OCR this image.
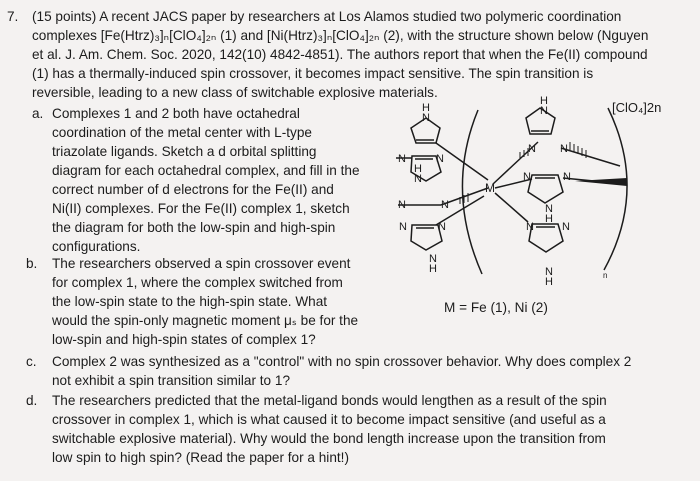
7. (15 points) A recent JACS paper by researchers at Los Alamos studied two polymeric coordination
complexes [Fe(Htrz)₃]ₙ[ClO₄]₂ₙ (1) and [Ni(Htrz)₃]ₙ[ClO₄]₂ₙ (2), with the structure shown below (Nguyen
et al. J. Am. Chem. Soc. 2020, 142(10) 4842-4851). The authors report that when the Fe(II) compound
(1) has a thermally-induced spin crossover, it becomes impact sensitive. The spin transition is
reversible, leading to a new class of switchable explosive materials.
a. Complexes 1 and 2 both have octahedral
coordination of the metal center with L-type
triazolate ligands. Sketch a d orbital splitting
diagram for each octahedral complex, and fill in the
correct number of d electrons for the Fe(II) and
Ni(II) complexes. For the Fe(II) complex 1, sketch
the diagram for both the low-spin and high-spin
configurations.
b. The researchers observed a spin crossover event
for complex 1, where the complex switched from
the low-spin state to the high-spin state. What
would the spin-only magnetic moment μₛ be for the
low-spin and high-spin states of complex 1?
c. Complex 2 was synthesized as a "control" with no spin crossover behavior. Why does complex 2
not exhibit a spin transition similar to 1?
d. The researchers predicted that the metal-ligand bonds would lengthen as a result of the spin
crossover in complex 1, which is what caused it to become impact sensitive (and useful as a
switchable explosive material). Why would the bond length increase upon the transition from
low spin to high spin? (Read the paper for a hint!)
H
N
N	N
H
N
N	N
N	N
N
H
H
N
N N
N	N
N
H
N	N
N
H
M
n
[ClO₄]2n
M = Fe (1), Ni (2)
